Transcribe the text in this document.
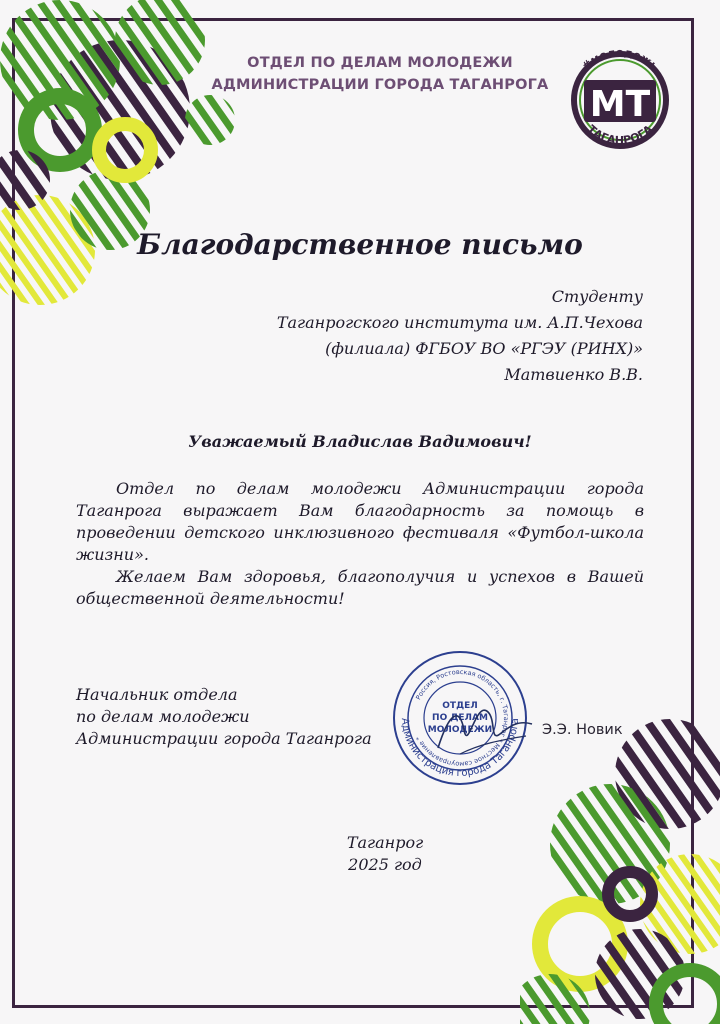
ОТДЕЛ ПО ДЕЛАМ МОЛОДЕЖИ
АДМИНИСТРАЦИИ ГОРОДА ТАГАНРОГА
#молодежь
МТ
ТАГАНРОГА
Благодарственное письмо
Студенту
Таганрогского института им. А.П.Чехова
(филиала) ФГБОУ ВО «РГЭУ (РИНХ)»
Матвиенко В.В.
Уважаемый Владислав Вадимович!

Отдел по делам молодежи Администрации города Таганрога выражает Вам благодарность за помощь в проведении детского инклюзивного фестиваля «Футбол-школа жизни».

Желаем Вам здоровья, благополучия и успехов в Вашей общественной деятельности!

Начальник отдела
по делам молодежи
Администрации города Таганрога
Администрация города Таганрога
Россия, Ростовская область, г. Таганрог * Местное самоуправление *
ОТДЕЛ
ПО ДЕЛАМ
МОЛОДЕЖИ	Э.Э. Новик
Таганрог
2025 год
